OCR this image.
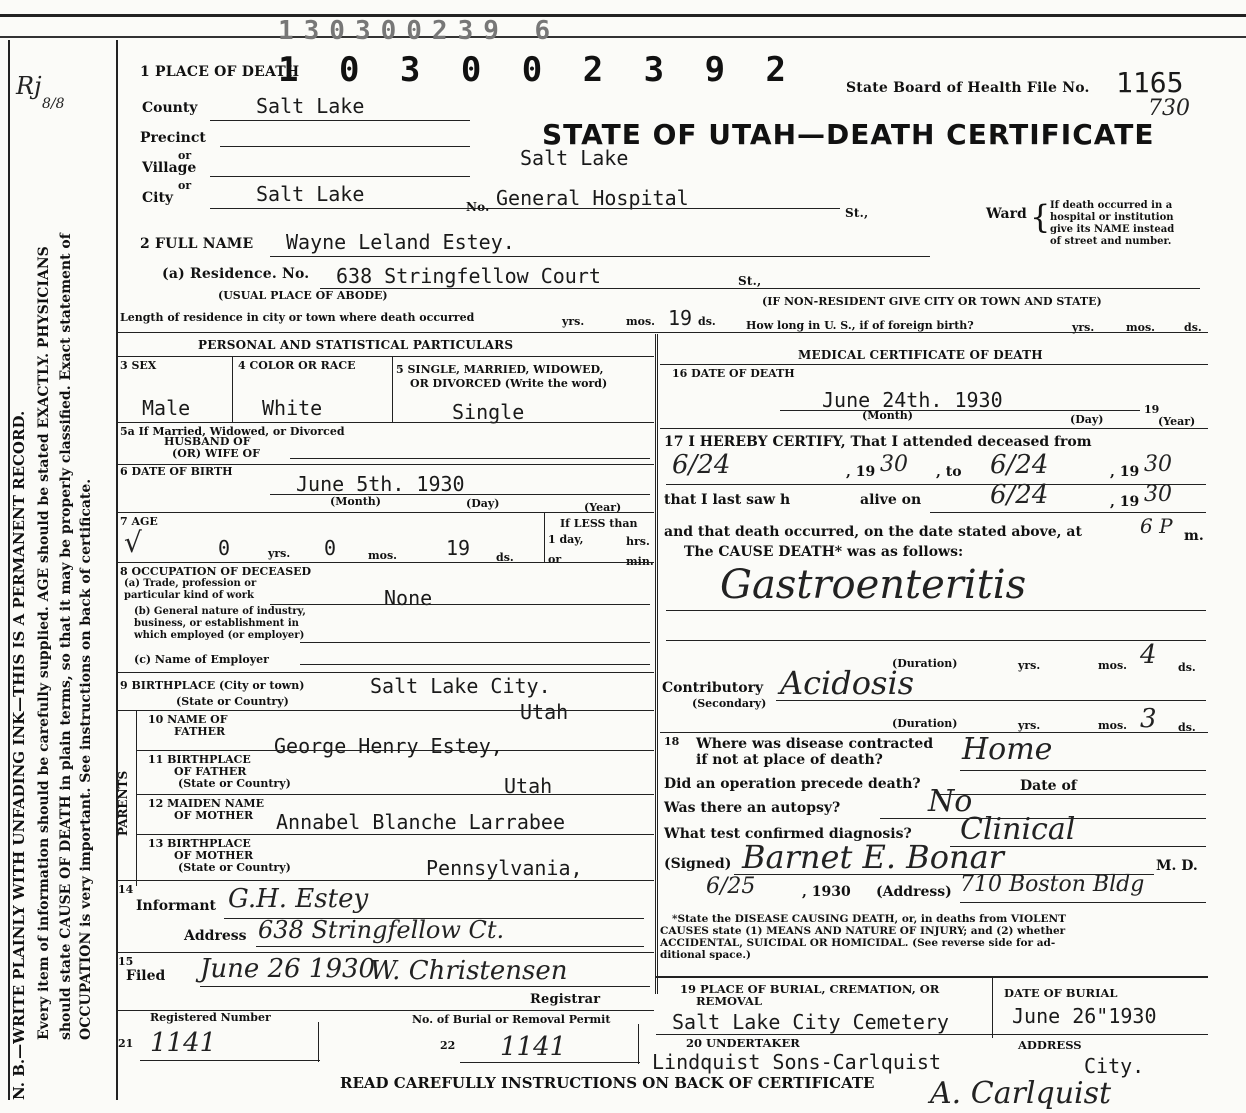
N. B.—WRITE PLAINLY WITH UNFADING INK—THIS IS A PERMANENT RECORD. Every item of information should be carefully supplied. AGE should be stated EXACTLY. PHYSICIANS should state CAUSE OF DEATH in plain terms, so that it may be properly classified. Exact statement of OCCUPATION is very important. See instructions on back of certificate.
Rj
8/8
130300239 6
1 0 3 0 0 2 3 9 2
1 PLACE OF DEATH
State Board of Health File No. 1165
730
STATE OF UTAH—DEATH CERTIFICATE
County	Salt Lake
Precinct
or
Village	Salt Lake
or
City	Salt Lake
No. General Hospital
St.,	Ward { If death occurred in a
hospital or institution
give its NAME instead
of street and number.
2 FULL NAME Wayne Leland Estey.
(a) Residence. No. 638 Stringfellow Court	St.,
(USUAL PLACE OF ABODE)	(IF NON-RESIDENT GIVE CITY OR TOWN AND STATE)
Length of residence in city or town where death occurred	yrs.	mos. 19 ds.	How long in U. S., if of foreign birth?	yrs.	mos.	ds.
PERSONAL AND STATISTICAL PARTICULARS
3 SEX	4 COLOR OR RACE	5 SINGLE, MARRIED, WIDOWED,
OR DIVORCED (Write the word)
Male	White	Single
5a If Married, Widowed, or Divorced
HUSBAND OF
(OR) WIFE OF
6 DATE OF BIRTH
June 5th. 1930
(Month)	(Day)	(Year)
7 AGE
√	0	yrs. 0	mos. 19 ds.
If LESS than
1 day,	hrs.
or	min.
8 OCCUPATION OF DECEASED
(a) Trade, profession or
particular kind of work	None
(b) General nature of industry,
business, or establishment in
which employed (or employer)
(c) Name of Employer
9 BIRTHPLACE (City or town)	Salt Lake City.
(State or Country)	Utah
PARENTS
10 NAME OF
FATHER
George Henry Estey,
11 BIRTHPLACE
OF FATHER
(State or Country)	Utah
12 MAIDEN NAME
OF MOTHER Annabel Blanche Larrabee
13 BIRTHPLACE
OF MOTHER
(State or Country)	Pennsylvania,
14
Informant G.H. Estey
Address 638 Stringfellow Ct.
15
Filed June 26 1930
W. Christensen
Registrar
Registered Number
21 1141
No. of Burial or Removal Permit
22 1141
MEDICAL CERTIFICATE OF DEATH
16 DATE OF DEATH
June 24th. 1930
(Month)	(Day)
19
(Year)
17 I HEREBY CERTIFY, That I attended deceased from
6/24	, 19 30 , to 6/24	, 19 30
that I last saw h	alive on	6/24	, 19 30
and that death occurred, on the date stated above, at	6 P m.
The CAUSE DEATH* was as follows:
Gastroenteritis
(Duration)	yrs.	mos. 4 ds.
Contributory
(Secondary)
Acidosis
(Duration)	yrs.	mos. 3 ds.
18 Where was disease contracted
if not at place of death?	Home
Did an operation precede death?	Date of
Was there an autopsy?	No
What test confirmed diagnosis? Clinical
(Signed) Barnet E. Bonar	M. D.
6/25	, 1930 (Address) 710 Boston Bldg
*State the DISEASE CAUSING DEATH, or, in deaths from VIOLENT
CAUSES state (1) MEANS AND NATURE OF INJURY; and (2) whether
ACCIDENTAL, SUICIDAL OR HOMICIDAL. (See reverse side for ad-
ditional space.)
19 PLACE OF BURIAL, CREMATION, OR
REMOVAL
Salt Lake City Cemetery
DATE OF BURIAL
June 26"1930
20 UNDERTAKER
Lindquist Sons-Carlquist
ADDRESS
City.
A. Carlquist
READ CAREFULLY INSTRUCTIONS ON BACK OF CERTIFICATE
